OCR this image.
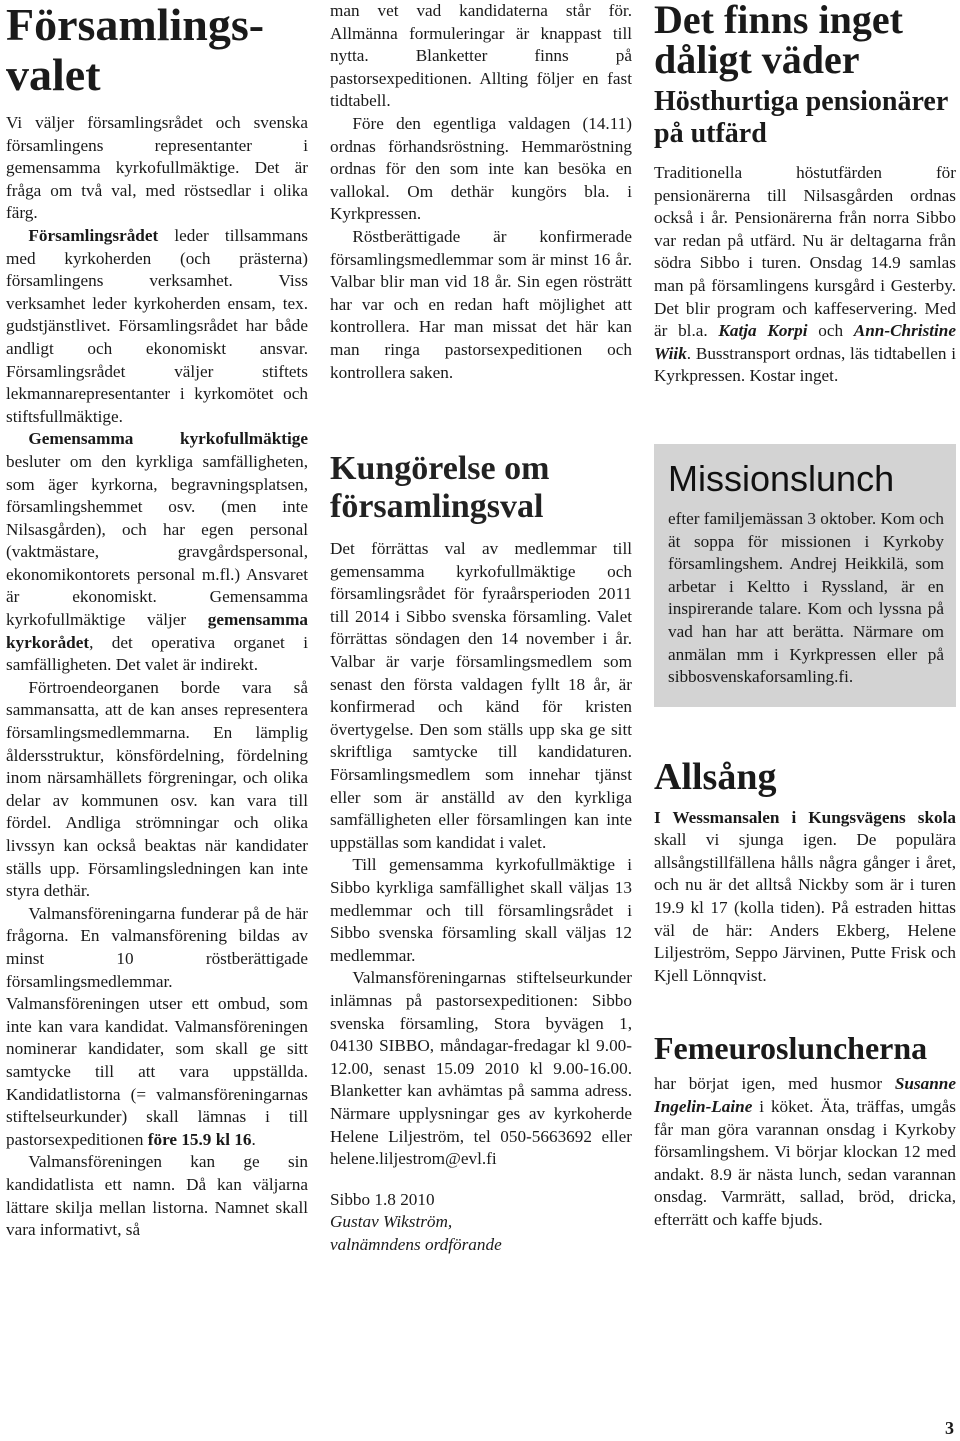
Församlings-valet

Vi väljer församlingsrådet och svenska församlingens representanter i gemensamma kyrkofullmäktige. Det är fråga om två val, med röstsedlar i olika färg.

Församlingsrådet leder tillsammans med kyrkoherden (och prästerna) församlingens verksamhet. Viss verksamhet leder kyrkoherden ensam, tex. gudstjänstlivet. Församlingsrådet har både andligt och ekonomiskt ansvar. Församlingsrådet väljer stiftets lekmannarepresentanter i kyrkomötet och stiftsfullmäktige.

Gemensamma kyrkofullmäktige besluter om den kyrkliga samfälligheten, som äger kyrkorna, begravningsplatsen, församlingshemmet osv. (men inte Nilsasgården), och har egen personal (vaktmästare, gravgårdspersonal, ekonomikontorets personal m.fl.) Ansvaret är ekonomiskt. Gemensamma kyrkofullmäktige väljer gemensamma kyrkorådet, det operativa organet i samfälligheten. Det valet är indirekt.

Förtroendeorganen borde vara så sammansatta, att de kan anses representera församlingsmedlemmarna. En lämplig åldersstruktur, könsfördelning, fördelning inom närsamhällets förgreningar, och olika delar av kommunen osv. kan vara till fördel. Andliga strömningar och olika livssyn kan också beaktas när kandidater ställs upp. Församlingsledningen kan inte styra dethär.

Valmansföreningarna funderar på de här frågorna. En valmansförening bildas av minst 10 röstberättigade församlingsmedlemmar. Valmansföreningen utser ett ombud, som inte kan vara kandidat. Valmansföreningen nominerar kandidater, som skall ge sitt samtycke till att vara uppställda. Kandidatlistorna (= valmansföreningarnas stiftelseurkunder) skall lämnas i till pastorsexpeditionen före 15.9 kl 16.

Valmansföreningen kan ge sin kandidatlista ett namn. Då kan väljarna lättare skilja mellan listorna. Namnet skall vara informativt, så

man vet vad kandidaterna står för. Allmänna formuleringar är knappast till nytta. Blanketter finns på pastorsexpeditionen. Allting följer en fast tidtabell.

Före den egentliga valdagen (14.11) ordnas förhandsröstning. Hemmaröstning ordnas för den som inte kan besöka en vallokal. Om dethär kungörs bla. i Kyrkpressen.

Röstberättigade är konfirmerade församlingsmedlemmar som är minst 16 år. Valbar blir man vid 18 år. Sin egen rösträtt har var och en redan haft möjlighet att kontrollera. Har man missat det här kan man ringa pastorsexpeditionen och kontrollera saken.

Kungörelse om församlingsval

Det förrättas val av medlemmar till gemensamma kyrkofullmäktige och församlingsrådet för fyraårsperioden 2011 till 2014 i Sibbo svenska församling. Valet förrättas söndagen den 14 november i år. Valbar är varje församlingsmedlem som senast den första valdagen fyllt 18 år, är konfirmerad och känd för kristen övertygelse. Den som ställs upp ska ge sitt skriftliga samtycke till kandidaturen. Församlingsmedlem som innehar tjänst eller som är anställd av den kyrkliga samfälligheten eller församlingen kan inte uppställas som kandidat i valet.

Till gemensamma kyrkofullmäktige i Sibbo kyrkliga samfällighet skall väljas 13 medlemmar och till församlingsrådet i Sibbo svenska församling skall väljas 12 medlemmar.

Valmansföreningarnas stiftelseurkunder inlämnas på pastorsexpeditionen: Sibbo svenska församling, Stora byvägen 1, 04130 SIBBO, måndagar-fredagar kl 9.00-12.00, senast 15.09 2010 kl 9.00-16.00. Blanketter kan avhämtas på samma adress. Närmare upplysningar ges av kyrkoherde Helene Liljeström, tel 050-5663692 eller helene.liljestrom@evl.fi

Sibbo 1.8 2010

Gustav Wikström,

valnämndens ordförande

Det finns inget dåligt väder
Hösthurtiga pensionärer på utfärd

Traditionella höstutfärden för pensionärerna till Nilsasgården ordnas också i år. Pensionärerna från norra Sibbo var redan på utfärd. Nu är deltagarna från södra Sibbo i turen. Onsdag 14.9 samlas man på församlingens kursgård i Gesterby. Det blir program och kaffeservering. Med är bl.a. Katja Korpi och Ann-Christine Wiik. Busstransport ordnas, läs tidtabellen i Kyrkpressen. Kostar inget.

Missionslunch

efter familjemässan 3 oktober. Kom och ät soppa för missionen i Kyrkoby församlingshem. Andrej Heikkilä, som arbetar i Keltto i Ryssland, är en inspirerande talare. Kom och lyssna på vad han har att berätta. Närmare om anmälan mm i Kyrkpressen eller på sibbosvenskaforsamling.fi.

Allsång

I Wessmansalen i Kungsvägens skola skall vi sjunga igen. De populära allsångstillfällena hålls några gånger i året, och nu är det alltså Nickby som är i turen 19.9 kl 17 (kolla tiden). På estraden hittas väl de här: Anders Ekberg, Helene Liljeström, Seppo Järvinen, Putte Frisk och Kjell Lönnqvist.

Femeurosluncherna

har börjat igen, med husmor Susanne Ingelin-Laine i köket. Äta, träffas, umgås får man göra varannan onsdag i Kyrkoby församlingshem. Vi börjar klockan 12 med andakt. 8.9 är nästa lunch, sedan varannan onsdag. Varmrätt, sallad, bröd, dricka, efterrätt och kaffe bjuds.

3
